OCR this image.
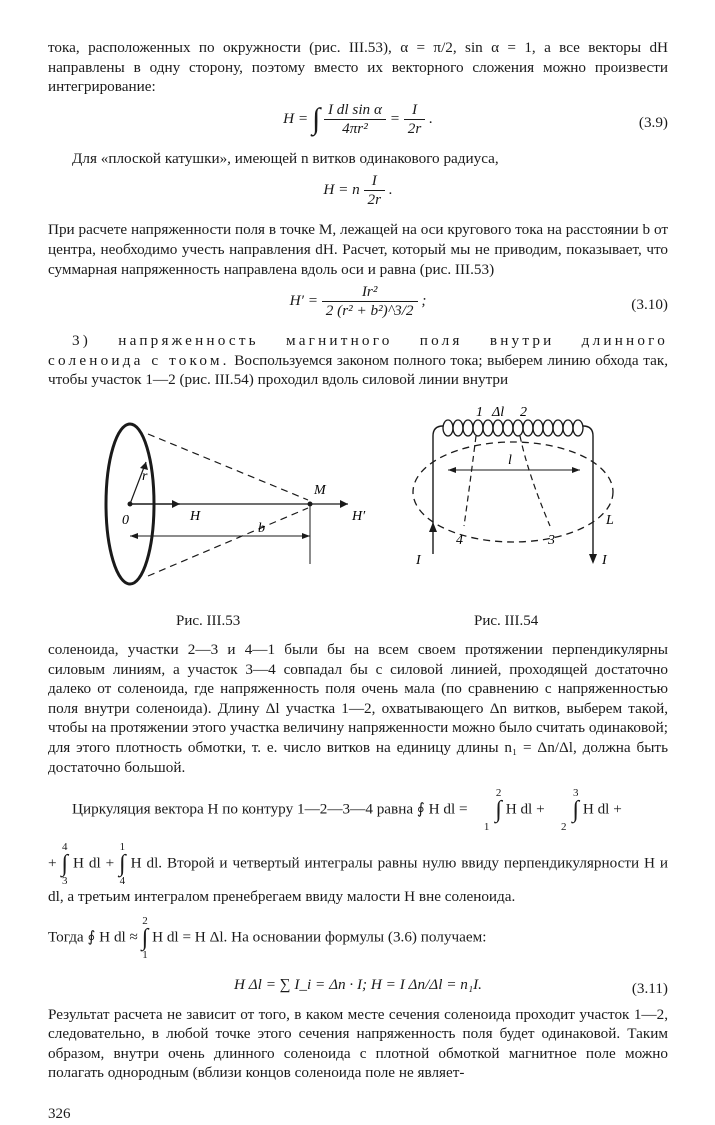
тока, расположенных по окружности (рис. III.53), α = π/2, sin α = 1, а все векторы dH направлены в одну сторону, поэтому вместо их векторного сложения можно произвести интегрирование:

H = ∫ $\frac{\text{I dl sin α}}{\text{4πr²}} = \frac{I}{2r}$ .	(3.9)

Для «плоской катушки», имеющей n витков одинакового радиуса,

H = n $\frac{I}{2r}$ .

При расчете напряженности поля в точке M, лежащей на оси кругового тока на расстоянии b от центра, необходимо учесть направления dH. Расчет, который мы не приводим, показывает, что суммарная напряженность направлена вдоль оси и равна (рис. III.53)

$H' = \frac{\text{Ir²}}{\text{2 (r² + b²)\textasciicircum{}3/2}}$ ;	(3.10)

3) напряженность магнитного поля внутри длинного соленоида с током. Воспользуемся законом полного тока; выберем линию обхода так, чтобы участок 1—2 (рис. III.54) проходил вдоль силовой линии внутри

r
0	H
M
H′
b
1 Δl 2
l
4	3
L
I	I
Рис. III.53	Рис. III.54

соленоида, участки 2—3 и 4—1 были бы на всем своем протяжении перпендикулярны силовым линиям, а участок 3—4 совпадал бы с силовой линией, проходящей достаточно далеко от соленоида, где напряженность поля очень мала (по сравнению с напряженностью поля внутри соленоида). Длину Δl участка 1—2, охватывающего Δn витков, выберем такой, чтобы на протяжении этого участка величину напряженности можно было считать одинаковой; для этого плотность обмотки, т. е. число витков на единицу длины n₁ = Δn/Δl, должна быть достаточно большой.

Циркуляция вектора H по контуру 1—2—3—4 равна ∮ H dl = 2
∫
1 H dl + 3
∫
2 H dl +

+ 4
∫
3 H dl + 1
∫
4 H dl. Второй и четвертый интегралы равны нулю ввиду перпендикулярности H и dl, а третьим интегралом пренебрегаем ввиду малости H вне соленоида.

Тогда ∮ H dl ≈ 2
∫
1 H dl = H Δl. На основании формулы (3.6) получаем:

H Δl = ∑ I_i = Δn · I; H = I Δn/Δl = n₁I.	(3.11)

Результат расчета не зависит от того, в каком месте сечения соленоида проходит участок 1—2, следовательно, в любой точке этого сечения напряженность поля будет одинаковой. Таким образом, внутри очень длинного соленоида с плотной обмоткой магнитное поле можно полагать однородным (вблизи концов соленоида поле не являет-

326
